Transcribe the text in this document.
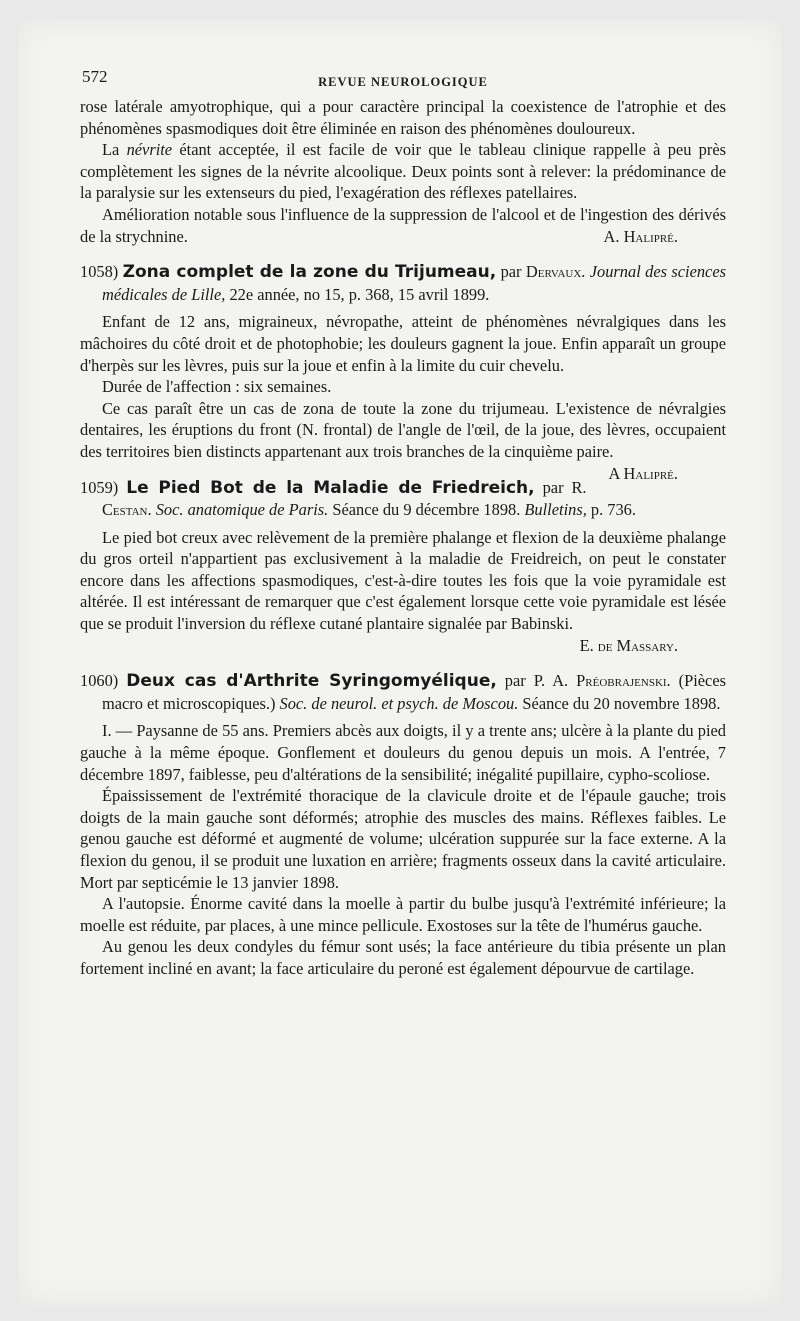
572	REVUE NEUROLOGIQUE

rose latérale amyotrophique, qui a pour caractère principal la coexistence de l'atrophie et des phénomènes spasmodiques doit être éliminée en raison des phénomènes douloureux.

La névrite étant acceptée, il est facile de voir que le tableau clinique rappelle à peu près complètement les signes de la névrite alcoolique. Deux points sont à relever: la prédominance de la paralysie sur les extenseurs du pied, l'exagération des réflexes patellaires.

Amélioration notable sous l'influence de la suppression de l'alcool et de l'ingestion des dérivés de la strychnine.	A. Halipré.

1058) Zona complet de la zone du Trijumeau, par Dervaux. Journal des sciences médicales de Lille, 22e année, no 15, p. 368, 15 avril 1899.

Enfant de 12 ans, migraineux, névropathe, atteint de phénomènes névralgiques dans les mâchoires du côté droit et de photophobie; les douleurs gagnent la joue. Enfin apparaît un groupe d'herpès sur les lèvres, puis sur la joue et enfin à la limite du cuir chevelu.

Durée de l'affection : six semaines.

Ce cas paraît être un cas de zona de toute la zone du trijumeau. L'existence de névralgies dentaires, les éruptions du front (N. frontal) de l'angle de l'œil, de la joue, des lèvres, occupaient des territoires bien distincts appartenant aux trois branches de la cinquième paire.
A Halipré.

1059) Le Pied Bot de la Maladie de Friedreich, par R. Cestan. Soc. anatomique de Paris. Séance du 9 décembre 1898. Bulletins, p. 736.

Le pied bot creux avec relèvement de la première phalange et flexion de la deuxième phalange du gros orteil n'appartient pas exclusivement à la maladie de Freidreich, on peut le constater encore dans les affections spasmodiques, c'est-à-dire toutes les fois que la voie pyramidale est altérée. Il est intéressant de remarquer que c'est également lorsque cette voie pyramidale est lésée que se produit l'inversion du réflexe cutané plantaire signalée par Babinski.

E. de Massary.

1060) Deux cas d'Arthrite Syringomyélique, par P. A. Préobrajenski. (Pièces macro et microscopiques.) Soc. de neurol. et psych. de Moscou. Séance du 20 novembre 1898.

I. — Paysanne de 55 ans. Premiers abcès aux doigts, il y a trente ans; ulcère à la plante du pied gauche à la même époque. Gonflement et douleurs du genou depuis un mois. A l'entrée, 7 décembre 1897, faiblesse, peu d'altérations de la sensibilité; inégalité pupillaire, cypho-scoliose.

Épaississement de l'extrémité thoracique de la clavicule droite et de l'épaule gauche; trois doigts de la main gauche sont déformés; atrophie des muscles des mains. Réflexes faibles. Le genou gauche est déformé et augmenté de volume; ulcération suppurée sur la face externe. A la flexion du genou, il se produit une luxation en arrière; fragments osseux dans la cavité articulaire. Mort par septicémie le 13 janvier 1898.

A l'autopsie. Énorme cavité dans la moelle à partir du bulbe jusqu'à l'extrémité inférieure; la moelle est réduite, par places, à une mince pellicule. Exostoses sur la tête de l'humérus gauche.

Au genou les deux condyles du fémur sont usés; la face antérieure du tibia présente un plan fortement incliné en avant; la face articulaire du peroné est également dépourvue de cartilage.
